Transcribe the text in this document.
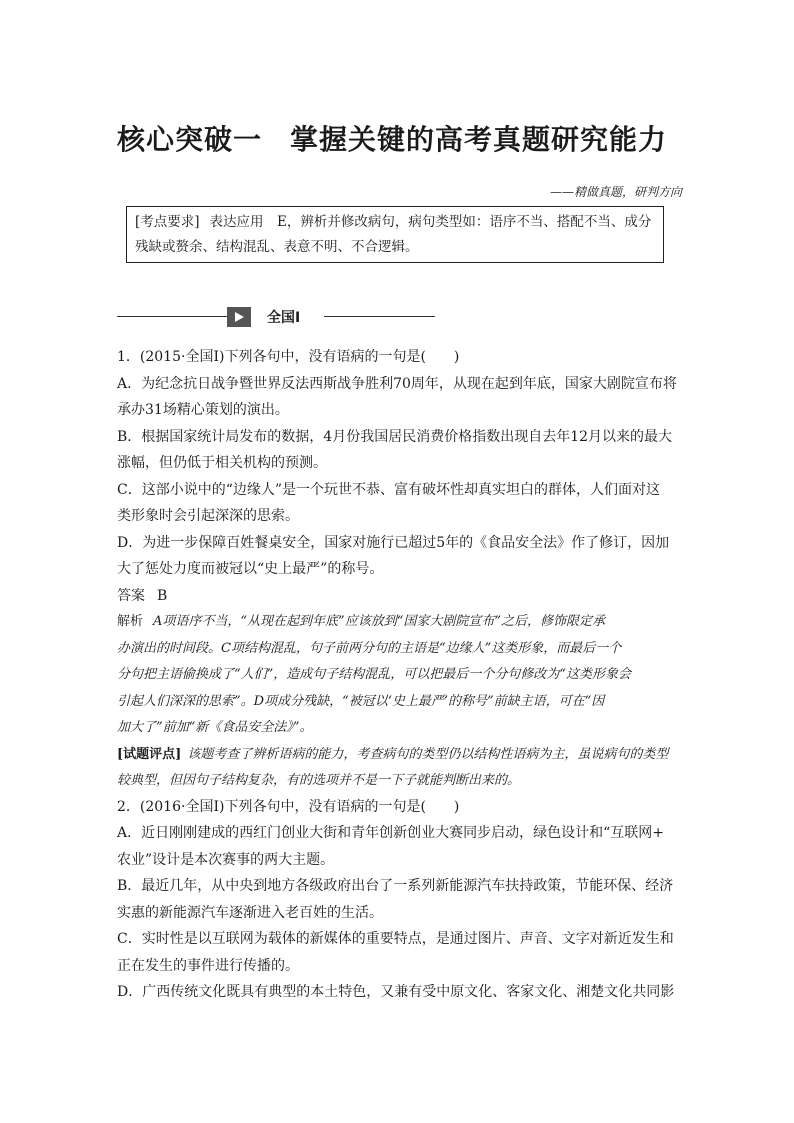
核心突破一 掌握关键的高考真题研究能力
——精做真题，研判方向
[考点要求] 表达应用　E，辨析并修改病句，病句类型如：语序不当、搭配不当、成分
残缺或赘余、结构混乱、表意不明、不合逻辑。
全国Ⅰ

1．(2015·全国Ⅰ)下列各句中，没有语病的一句是(　　)

A．为纪念抗日战争暨世界反法西斯战争胜利70周年，从现在起到年底，国家大剧院宣布将

承办31场精心策划的演出。

B．根据国家统计局发布的数据，4月份我国居民消费价格指数出现自去年12月以来的最大

涨幅，但仍低于相关机构的预测。

C．这部小说中的“边缘人”是一个玩世不恭、富有破坏性却真实坦白的群体，人们面对这

类形象时会引起深深的思索。

D．为进一步保障百姓餐桌安全，国家对施行已超过5年的《食品安全法》作了修订，因加

大了惩处力度而被冠以“史上最严”的称号。

答案 B

解析 A项语序不当，“从现在起到年底”应该放到“国家大剧院宣布”之后，修饰限定承

办演出的时间段。C项结构混乱，句子前两分句的主语是“边缘人”这类形象，而最后一个

分句把主语偷换成了“人们”，造成句子结构混乱，可以把最后一个分句修改为“这类形象会

引起人们深深的思索”。D项成分残缺，“被冠以‘史上最严’的称号”前缺主语，可在“因

加大了”前加“新《食品安全法》”。

[试题评点] 该题考查了辨析语病的能力，考查病句的类型仍以结构性语病为主，虽说病句的类型

较典型，但因句子结构复杂，有的选项并不是一下子就能判断出来的。

2．(2016·全国Ⅰ)下列各句中，没有语病的一句是(　　)

A．近日刚刚建成的西红门创业大街和青年创新创业大赛同步启动，绿色设计和“互联网+

农业”设计是本次赛事的两大主题。

B．最近几年，从中央到地方各级政府出台了一系列新能源汽车扶持政策，节能环保、经济

实惠的新能源汽车逐渐进入老百姓的生活。

C．实时性是以互联网为载体的新媒体的重要特点，是通过图片、声音、文字对新近发生和

正在发生的事件进行传播的。

D．广西传统文化既具有典型的本土特色，又兼有受中原文化、客家文化、湘楚文化共同影
